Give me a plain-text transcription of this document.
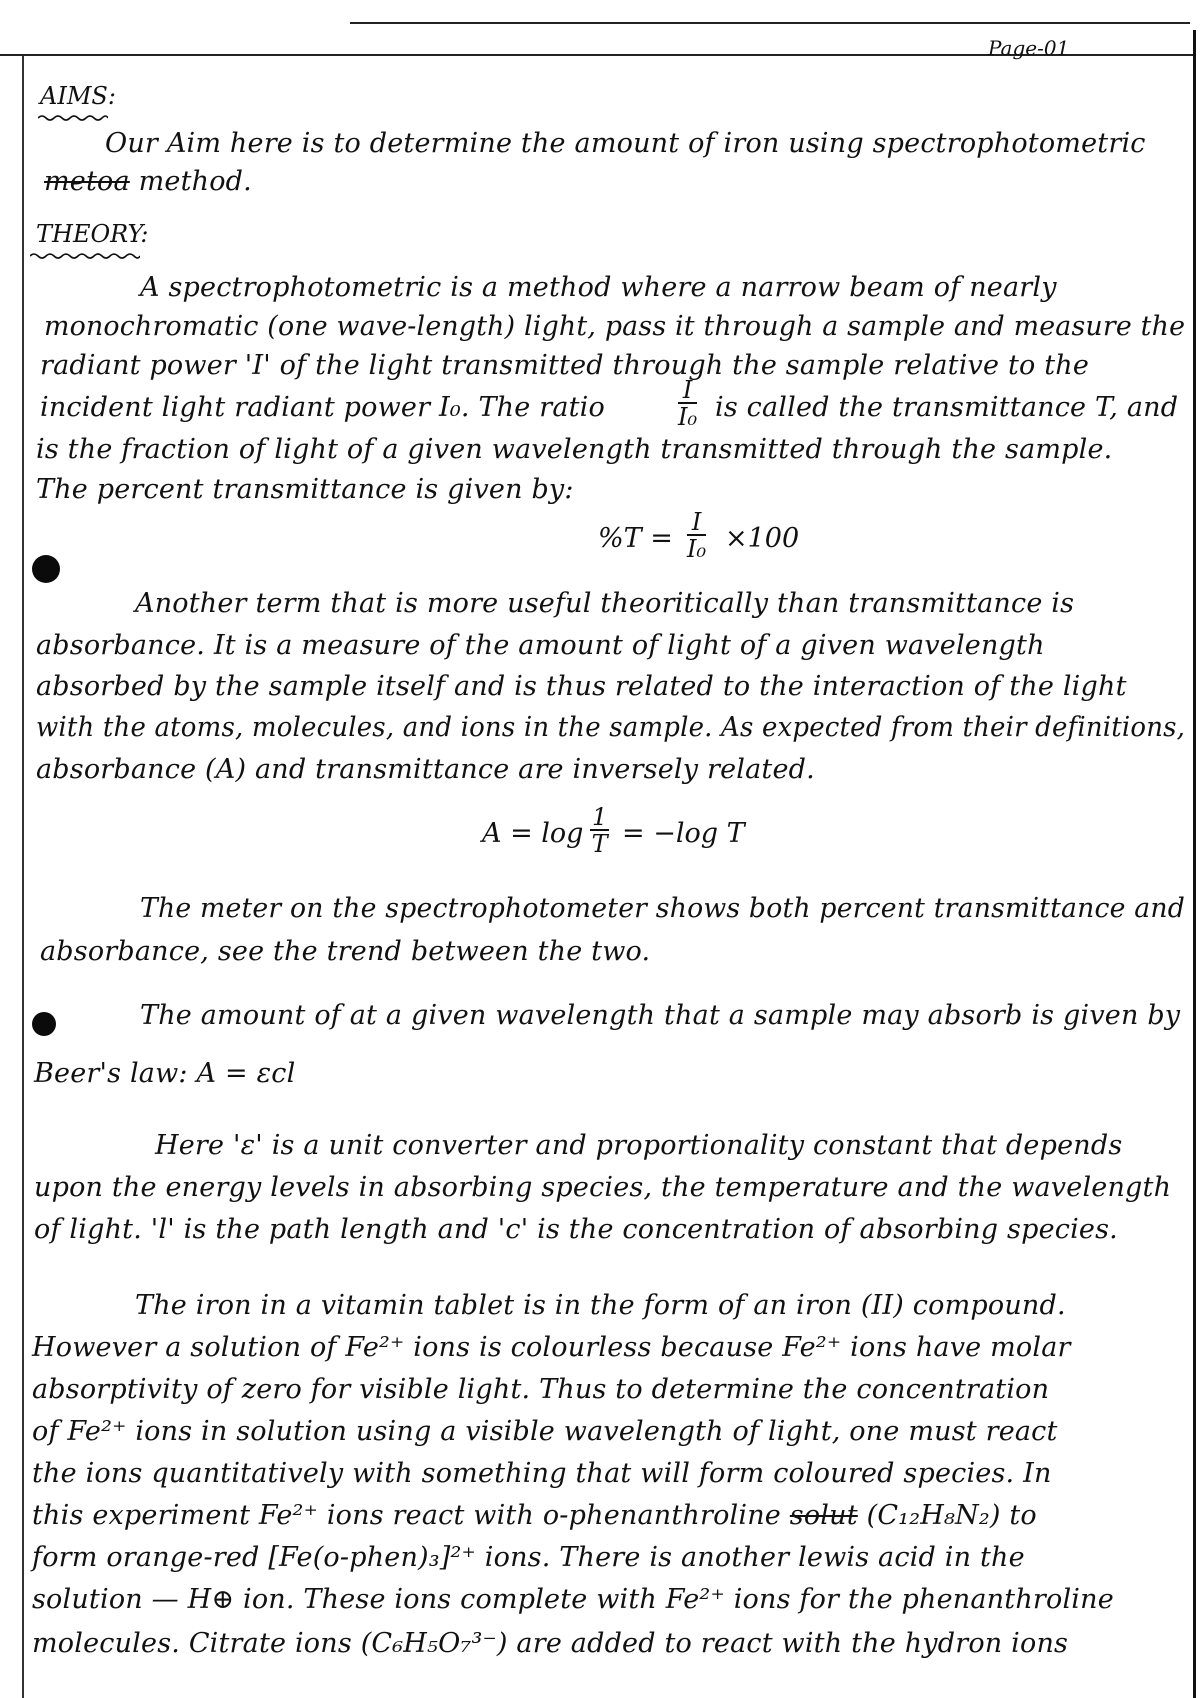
Page-01
AIMS:
Our Aim here is to determine the amount of iron using spectrophotometric
metoa method.
THEORY:
A spectrophotometric is a method where a narrow beam of nearly
monochromatic (one wave-length) light, pass it through a sample and measure the
radiant power 'I' of the light transmitted through the sample relative to the
incident light radiant power I₀. The ratio	$\frac{I}{\text{I₀}}$ is called the transmittance T, and
is the fraction of light of a given wavelength transmitted through the sample.
The percent transmittance is given by:
$\%T = \frac{I}{\text{I₀}} \times 100$
Another term that is more useful theoritically than transmittance is
absorbance. It is a measure of the amount of light of a given wavelength
absorbed by the sample itself and is thus related to the interaction of the light
with the atoms, molecules, and ions in the sample. As expected from their definitions,
absorbance (A) and transmittance are inversely related.
$A = \log \frac{1}{T} = -\log$ T
The meter on the spectrophotometer shows both percent transmittance and
absorbance, see the trend between the two.
The amount of at a given wavelength that a sample may absorb is given by
Beer's law: A = εcl
Here 'ε' is a unit converter and proportionality constant that depends
upon the energy levels in absorbing species, the temperature and the wavelength
of light. 'l' is the path length and 'c' is the concentration of absorbing species.
The iron in a vitamin tablet is in the form of an iron (II) compound.
However a solution of Fe²⁺ ions is colourless because Fe²⁺ ions have molar
absorptivity of zero for visible light. Thus to determine the concentration
of Fe²⁺ ions in solution using a visible wavelength of light, one must react
the ions quantitatively with something that will form coloured species. In
this experiment Fe²⁺ ions react with o-phenanthroline solut (C₁₂H₈N₂) to
form orange-red [Fe(o-phen)₃]²⁺ ions. There is another lewis acid in the
solution — H⊕ ion. These ions complete with Fe²⁺ ions for the phenanthroline
molecules. Citrate ions (C₆H₅O₇³⁻) are added to react with the hydron ions
